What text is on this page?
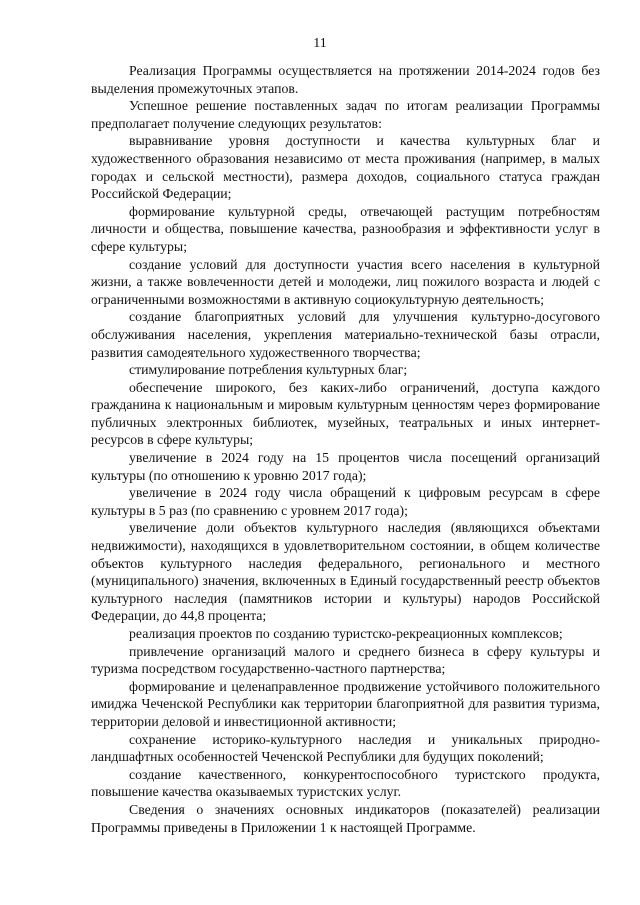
11

Реализация Программы осуществляется на протяжении 2014-2024 годов без выделения промежуточных этапов.

Успешное решение поставленных задач по итогам реализации Программы предполагает получение следующих результатов:

выравнивание уровня доступности и качества культурных благ и художественного образования независимо от места проживания (например, в малых городах и сельской местности), размера доходов, социального статуса граждан Российской Федерации;

формирование культурной среды, отвечающей растущим потребностям личности и общества, повышение качества, разнообразия и эффективности услуг в сфере культуры;

создание условий для доступности участия всего населения в культурной жизни, а также вовлеченности детей и молодежи, лиц пожилого возраста и людей с ограниченными возможностями в активную социокультурную деятельность;

создание благоприятных условий для улучшения культурно-досугового обслуживания населения, укрепления материально-технической базы отрасли, развития самодеятельного художественного творчества;

стимулирование потребления культурных благ;

обеспечение широкого, без каких-либо ограничений, доступа каждого гражданина к национальным и мировым культурным ценностям через формирование публичных электронных библиотек, музейных, театральных и иных интернет-ресурсов в сфере культуры;

увеличение в 2024 году на 15 процентов числа посещений организаций культуры (по отношению к уровню 2017 года);

увеличение в 2024 году числа обращений к цифровым ресурсам в сфере культуры в 5 раз (по сравнению с уровнем 2017 года);

увеличение доли объектов культурного наследия (являющихся объектами недвижимости), находящихся в удовлетворительном состоянии, в общем количестве объектов культурного наследия федерального, регионального и местного (муниципального) значения, включенных в Единый государственный реестр объектов культурного наследия (памятников истории и культуры) народов Российской Федерации, до 44,8 процента;

реализация проектов по созданию туристско-рекреационных комплексов;

привлечение организаций малого и среднего бизнеса в сферу культуры и туризма посредством государственно-частного партнерства;

формирование и целенаправленное продвижение устойчивого положительного имиджа Чеченской Республики как территории благоприятной для развития туризма, территории деловой и инвестиционной активности;

сохранение историко-культурного наследия и уникальных природно-ландшафтных особенностей Чеченской Республики для будущих поколений;

создание качественного, конкурентоспособного туристского продукта, повышение качества оказываемых туристских услуг.

Сведения о значениях основных индикаторов (показателей) реализации Программы приведены в Приложении 1 к настоящей Программе.
